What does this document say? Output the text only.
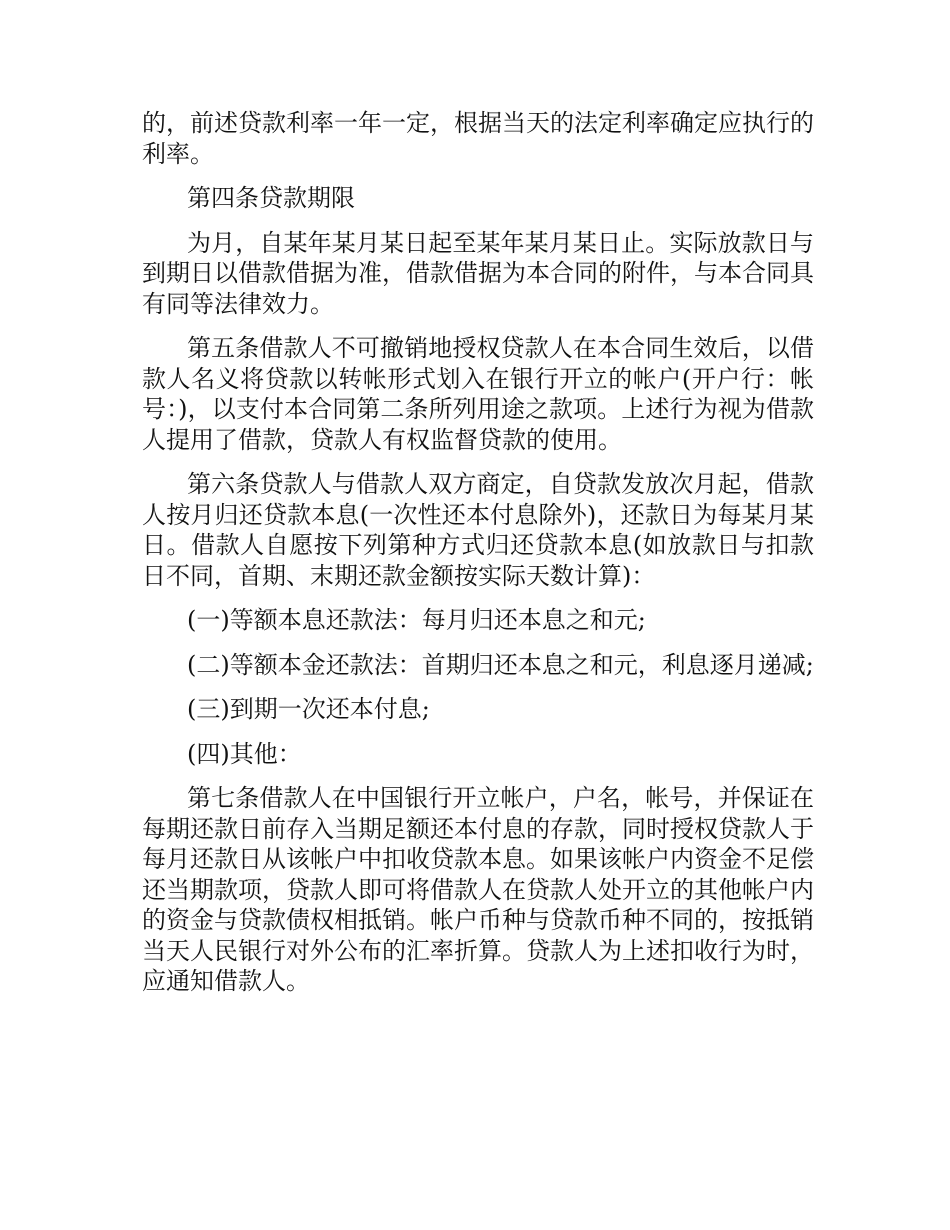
的，前述贷款利率一年一定，根据当天的法定利率确定应执行的利率。

第四条贷款期限

为月，自某年某月某日起至某年某月某日止。实际放款日与到期日以借款借据为准，借款借据为本合同的附件，与本合同具有同等法律效力。

第五条借款人不可撤销地授权贷款人在本合同生效后，以借款人名义将贷款以转帐形式划入在银行开立的帐户(开户行：帐号：)，以支付本合同第二条所列用途之款项。上述行为视为借款人提用了借款，贷款人有权监督贷款的使用。

第六条贷款人与借款人双方商定，自贷款发放次月起，借款人按月归还贷款本息(一次性还本付息除外)，还款日为每某月某日。借款人自愿按下列第种方式归还贷款本息(如放款日与扣款日不同，首期、末期还款金额按实际天数计算)：

(一)等额本息还款法：每月归还本息之和元;

(二)等额本金还款法：首期归还本息之和元，利息逐月递减;

(三)到期一次还本付息;

(四)其他：

第七条借款人在中国银行开立帐户，户名，帐号，并保证在每期还款日前存入当期足额还本付息的存款，同时授权贷款人于每月还款日从该帐户中扣收贷款本息。如果该帐户内资金不足偿还当期款项，贷款人即可将借款人在贷款人处开立的其他帐户内的资金与贷款债权相抵销。帐户币种与贷款币种不同的，按抵销当天人民银行对外公布的汇率折算。贷款人为上述扣收行为时，应通知借款人。
